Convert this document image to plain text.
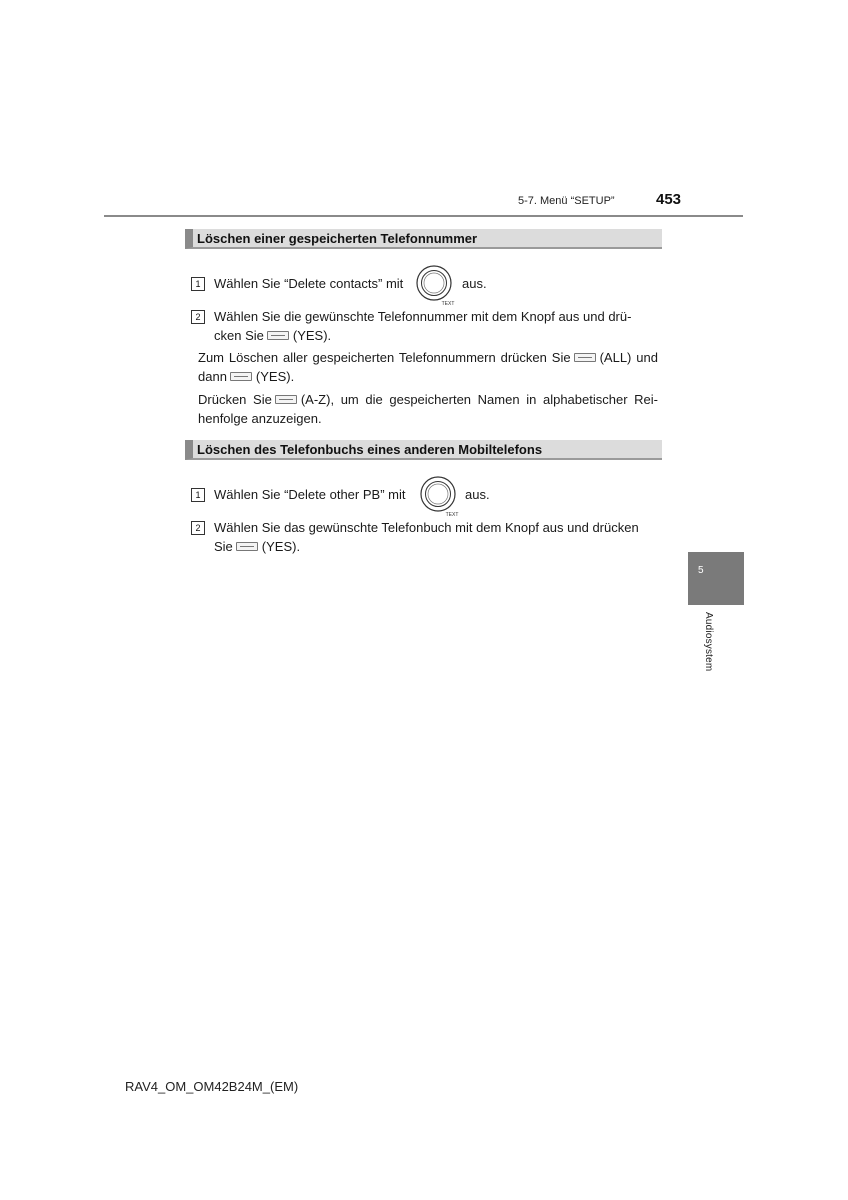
5-7. Menü “SETUP”	453
Löschen einer gespeicherten Telefonnummer
1	Wählen Sie “Delete contacts” mit
TEXT
aus.
2	Wählen Sie die gewünschte Telefonnummer mit dem Knopf aus und drü-
cken Sie (YES).
Zum Löschen aller gespeicherten Telefonnummern drücken Sie (ALL) und dann (YES).
Drücken Sie (A-Z), um die gespeicherten Namen in alphabetischer Rei-henfolge anzuzeigen.
Löschen des Telefonbuchs eines anderen Mobiltelefons
1	Wählen Sie “Delete other PB” mit
TEXT
aus.
2	Wählen Sie das gewünschte Telefonbuch mit dem Knopf aus und drücken
Sie (YES).
5
Audiosystem
RAV4_OM_OM42B24M_(EM)
